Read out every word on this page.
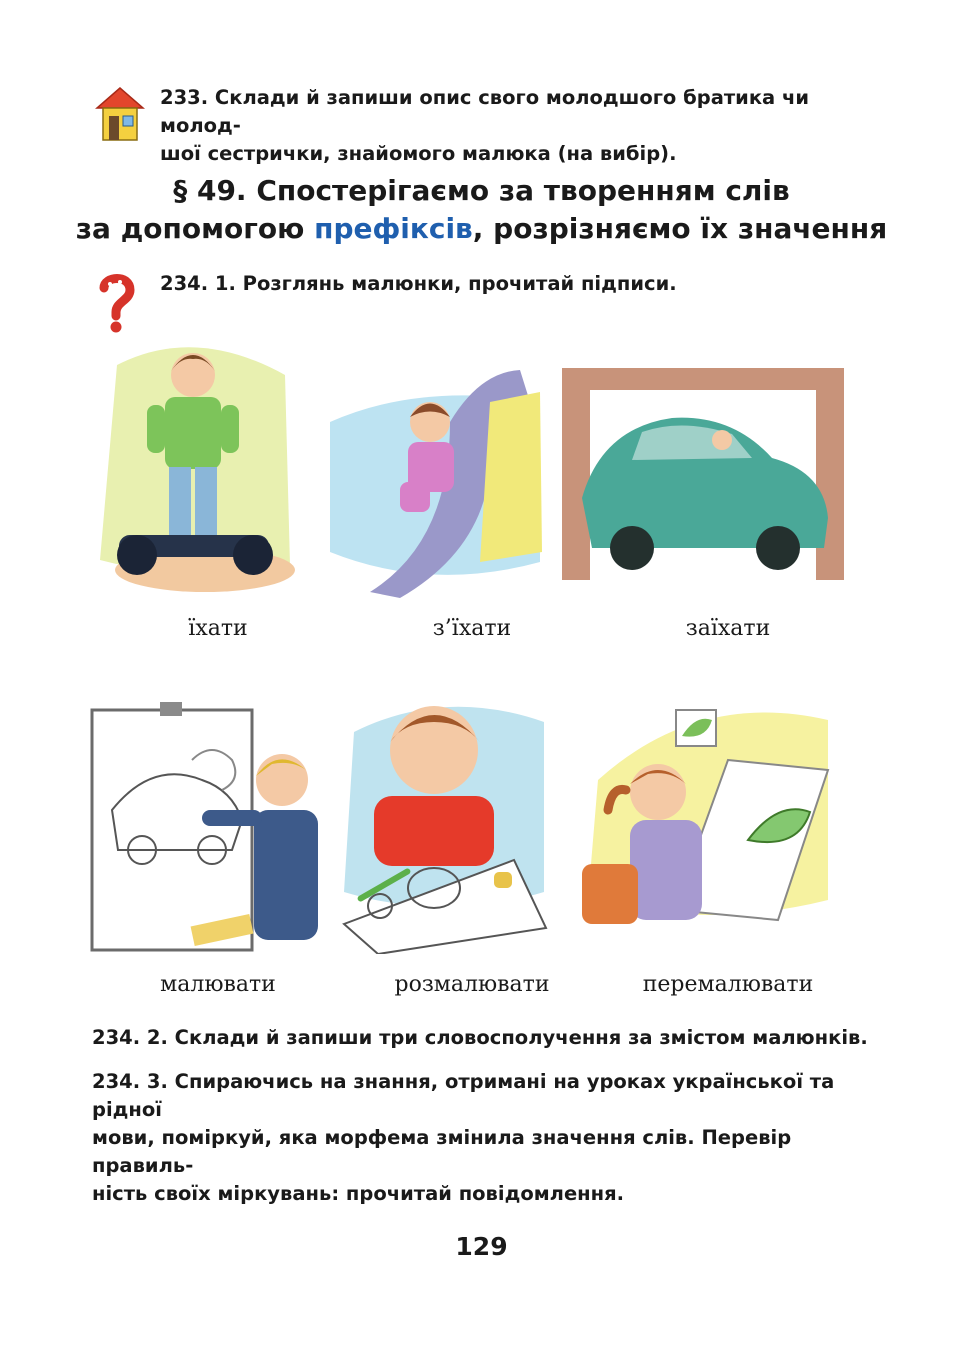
233. Склади й запиши опис свого молодшого братика чи молод-
шої сестрички, знайомого малюка (на вибір).
§ 49. Спостерігаємо за творенням слів
за допомогою префіксів, розрізняємо їх значення
234. 1. Розглянь малюнки, прочитай підписи.
їхати	з’їхати	заїхати
малювати	розмалювати	перемалювати
234. 2. Склади й запиши три словосполучення за змістом малюнків.
234. 3. Спираючись на знання, отримані на уроках української та рідної
мови, поміркуй, яка морфема змінила значення слів. Перевір правиль-
ність своїх міркувань: прочитай повідомлення.
129
